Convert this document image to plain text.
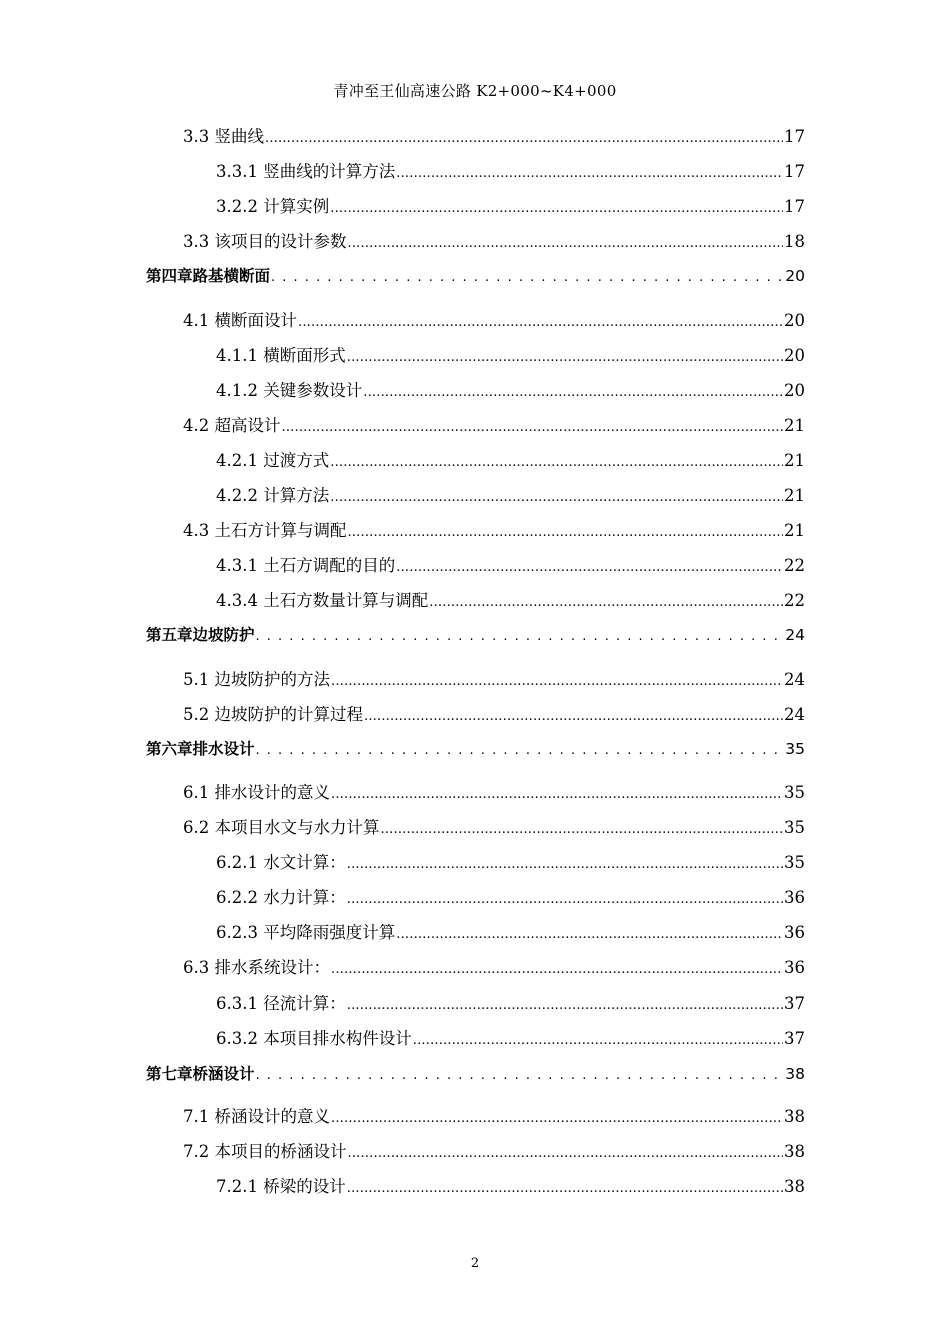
青冲至王仙高速公路 K2+000~K4+000
3.3 竖曲线 .....	17
3.3.1 竖曲线的计算方法 .....	17
3.2.2 计算实例 .....	17
3.3 该项目的设计参数 .....	18
第四章路基横断面 . . .	20
4.1 横断面设计 .....	20
4.1.1 横断面形式 .....	20
4.1.2 关键参数设计 .....	20
4.2 超高设计 .....	21
4.2.1 过渡方式 .....	21
4.2.2 计算方法 .....	21
4.3 土石方计算与调配 .....	21
4.3.1 土石方调配的目的 .....	22
4.3.4 土石方数量计算与调配 .....	22
第五章边坡防护 . . .	24
5.1 边坡防护的方法 .....	24
5.2 边坡防护的计算过程 .....	24
第六章排水设计 . . .	35
6.1 排水设计的意义 .....	35
6.2 本项目水文与水力计算 .....	35
6.2.1 水文计算： .....	35
6.2.2 水力计算： .....	36
6.2.3 平均降雨强度计算 .....	36
6.3 排水系统设计： .....	36
6.3.1 径流计算： .....	37
6.3.2 本项目排水构件设计 .....	37
第七章桥涵设计 . . .	38
7.1 桥涵设计的意义 .....	38
7.2 本项目的桥涵设计 .....	38
7.2.1 桥梁的设计 .....	38
2
